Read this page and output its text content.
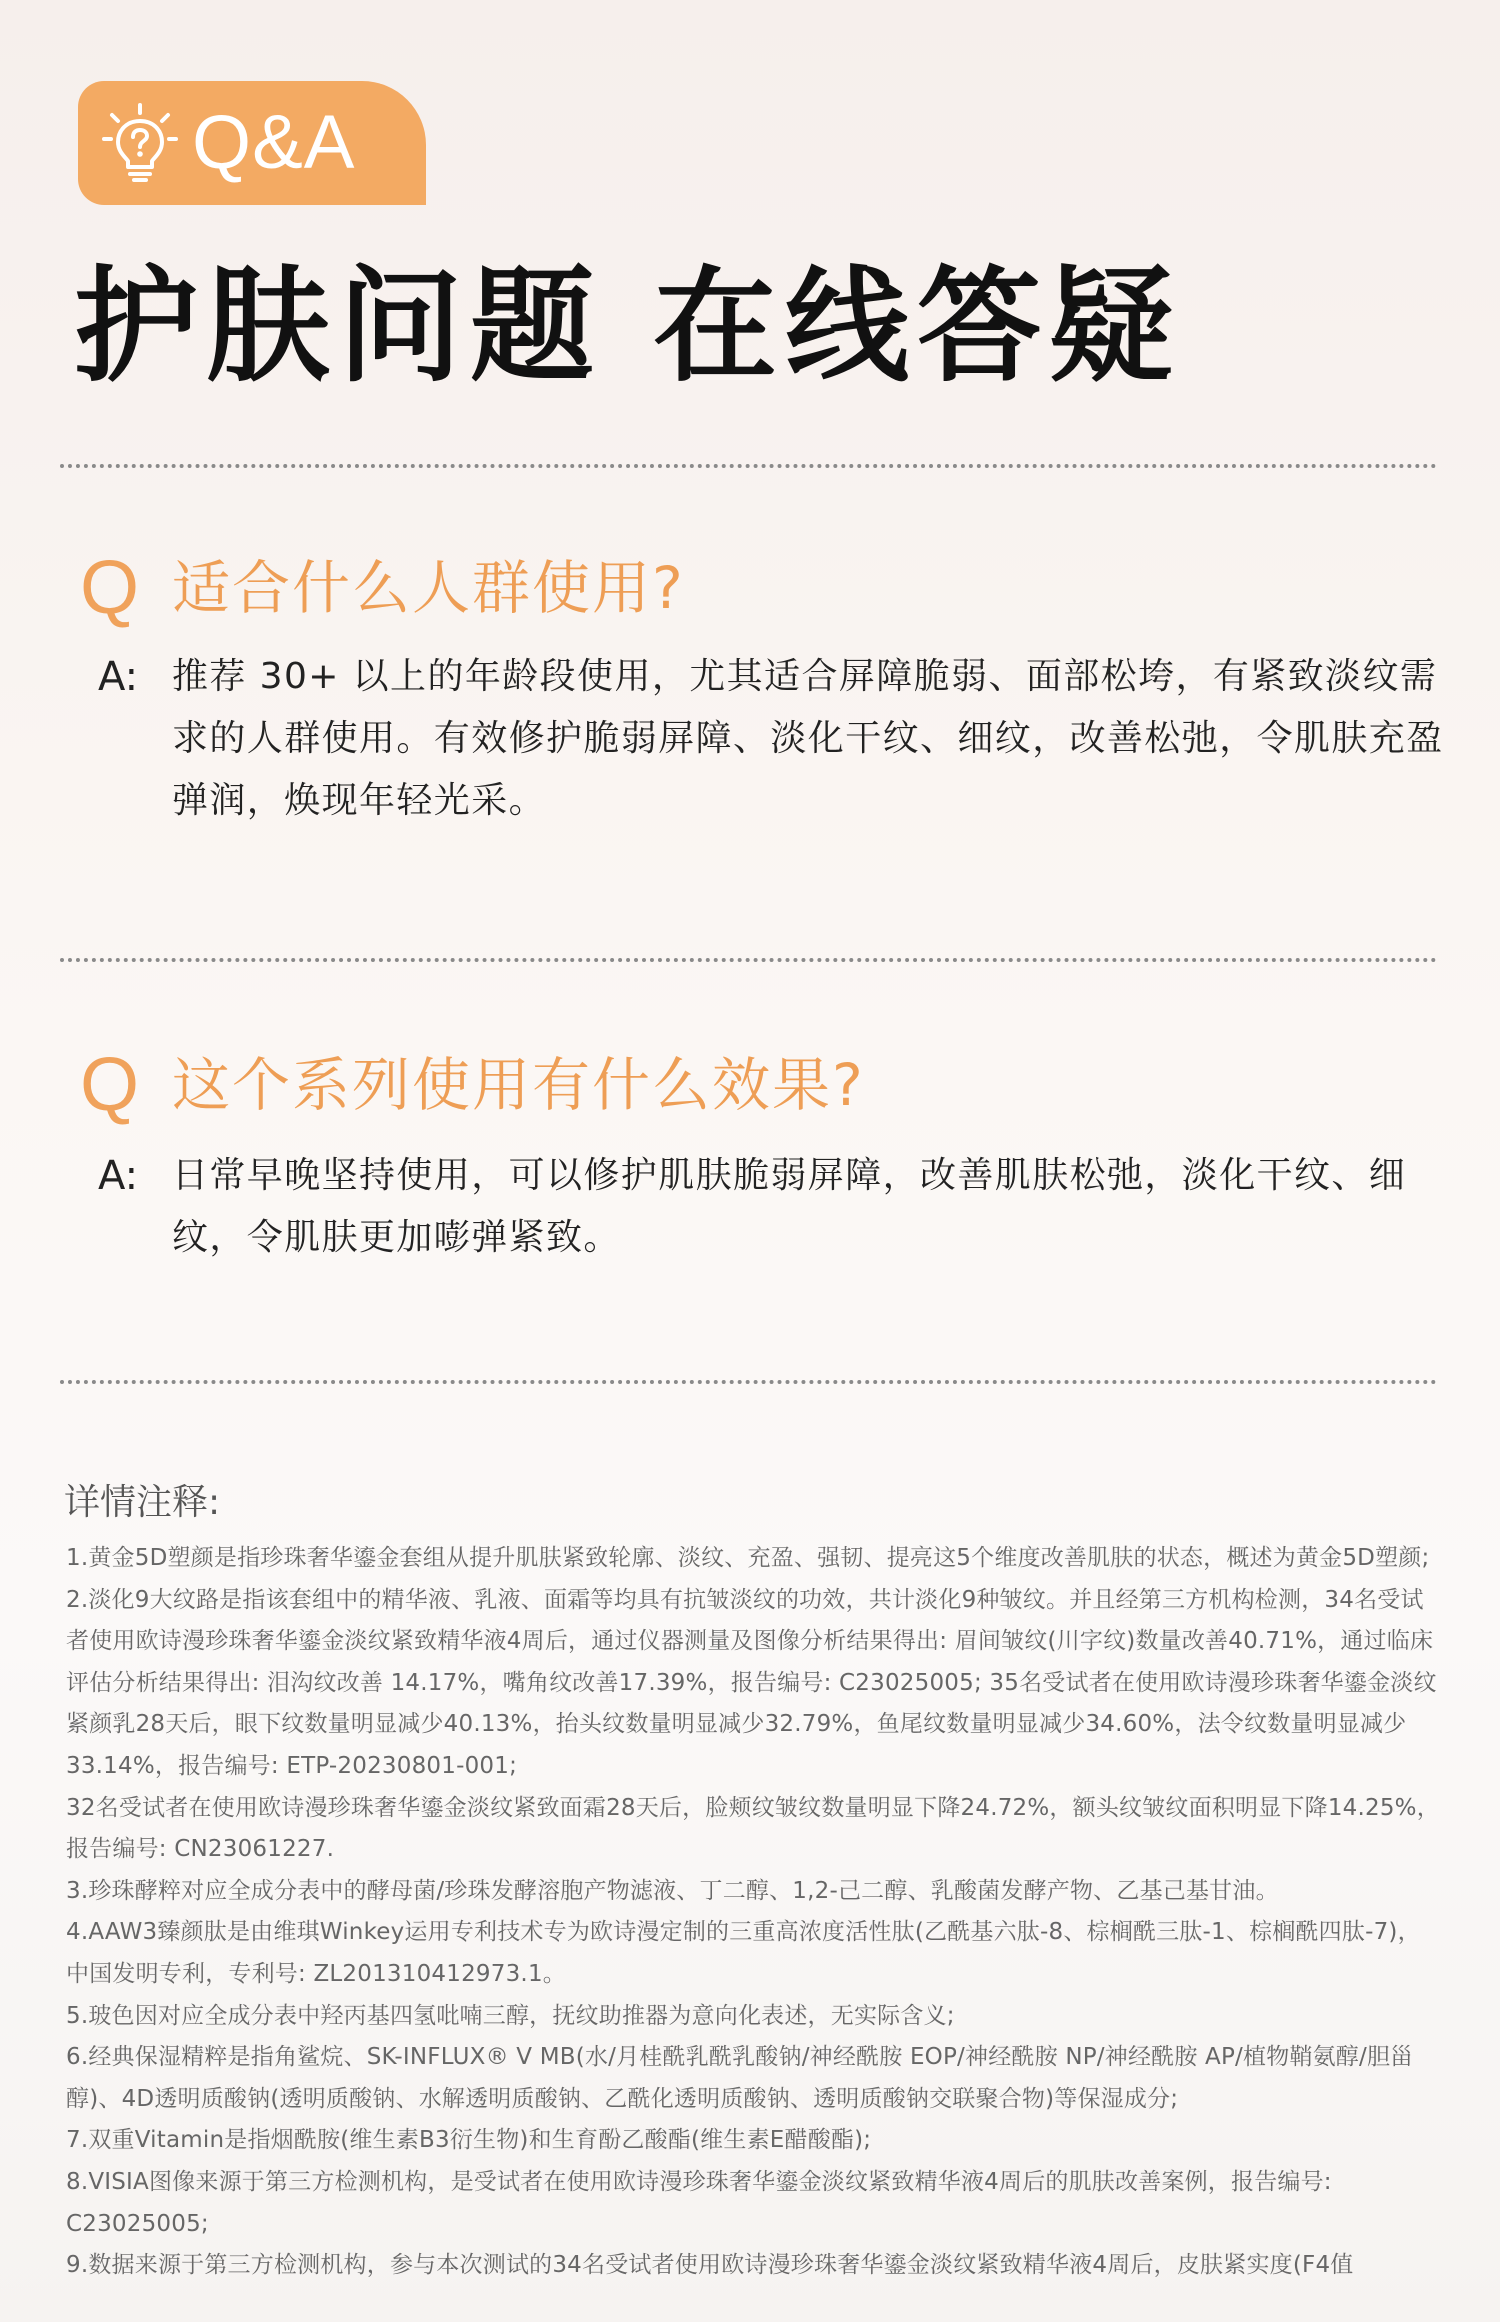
Q&A
护肤问题 在线答疑
Q 适合什么人群使用?
A: 推荐 30+ 以上的年龄段使用，尤其适合屏障脆弱、面部松垮，有紧致淡纹需求的人群使用。有效修护脆弱屏障、淡化干纹、细纹，改善松弛，令肌肤充盈弹润，焕现年轻光采。
Q 这个系列使用有什么效果?
A: 日常早晚坚持使用，可以修护肌肤脆弱屏障，改善肌肤松弛，淡化干纹、细纹，令肌肤更加嘭弹紧致。
详情注释:

1.黄金5D塑颜是指珍珠奢华鎏金套组从提升肌肤紧致轮廓、淡纹、充盈、强韧、提亮这5个维度改善肌肤的状态，概述为黄金5D塑颜;

2.淡化9大纹路是指该套组中的精华液、乳液、面霜等均具有抗皱淡纹的功效，共计淡化9种皱纹。并且经第三方机构检测，34名受试者使用欧诗漫珍珠奢华鎏金淡纹紧致精华液4周后，通过仪器测量及图像分析结果得出: 眉间皱纹(川字纹)数量改善40.71%，通过临床评估分析结果得出: 泪沟纹改善 14.17%，嘴角纹改善17.39%，报告编号: C23025005; 35名受试者在使用欧诗漫珍珠奢华鎏金淡纹紧颜乳28天后，眼下纹数量明显减少40.13%，抬头纹数量明显减少32.79%，鱼尾纹数量明显减少34.60%，法令纹数量明显减少33.14%，报告编号: ETP-20230801-001;

32名受试者在使用欧诗漫珍珠奢华鎏金淡纹紧致面霜28天后，脸颊纹皱纹数量明显下降24.72%，额头纹皱纹面积明显下降14.25%，报告编号: CN23061227.

3.珍珠酵粹对应全成分表中的酵母菌/珍珠发酵溶胞产物滤液、丁二醇、1,2-己二醇、乳酸菌发酵产物、乙基己基甘油。

4.AAW3臻颜肽是由维琪Winkey运用专利技术专为欧诗漫定制的三重高浓度活性肽(乙酰基六肽-8、棕榈酰三肽-1、棕榈酰四肽-7)，中国发明专利，专利号: ZL201310412973.1。

5.玻色因对应全成分表中羟丙基四氢吡喃三醇，抚纹助推器为意向化表述，无实际含义;

6.经典保湿精粹是指角鲨烷、SK-INFLUX® V MB(水/月桂酰乳酰乳酸钠/神经酰胺 EOP/神经酰胺 NP/神经酰胺 AP/植物鞘氨醇/胆甾醇)、4D透明质酸钠(透明质酸钠、水解透明质酸钠、乙酰化透明质酸钠、透明质酸钠交联聚合物)等保湿成分;

7.双重Vitamin是指烟酰胺(维生素B3衍生物)和生育酚乙酸酯(维生素E醋酸酯);

8.VISIA图像来源于第三方检测机构，是受试者在使用欧诗漫珍珠奢华鎏金淡纹紧致精华液4周后的肌肤改善案例，报告编号: C23025005;

9.数据来源于第三方检测机构，参与本次测试的34名受试者使用欧诗漫珍珠奢华鎏金淡纹紧致精华液4周后，皮肤紧实度(F4值
